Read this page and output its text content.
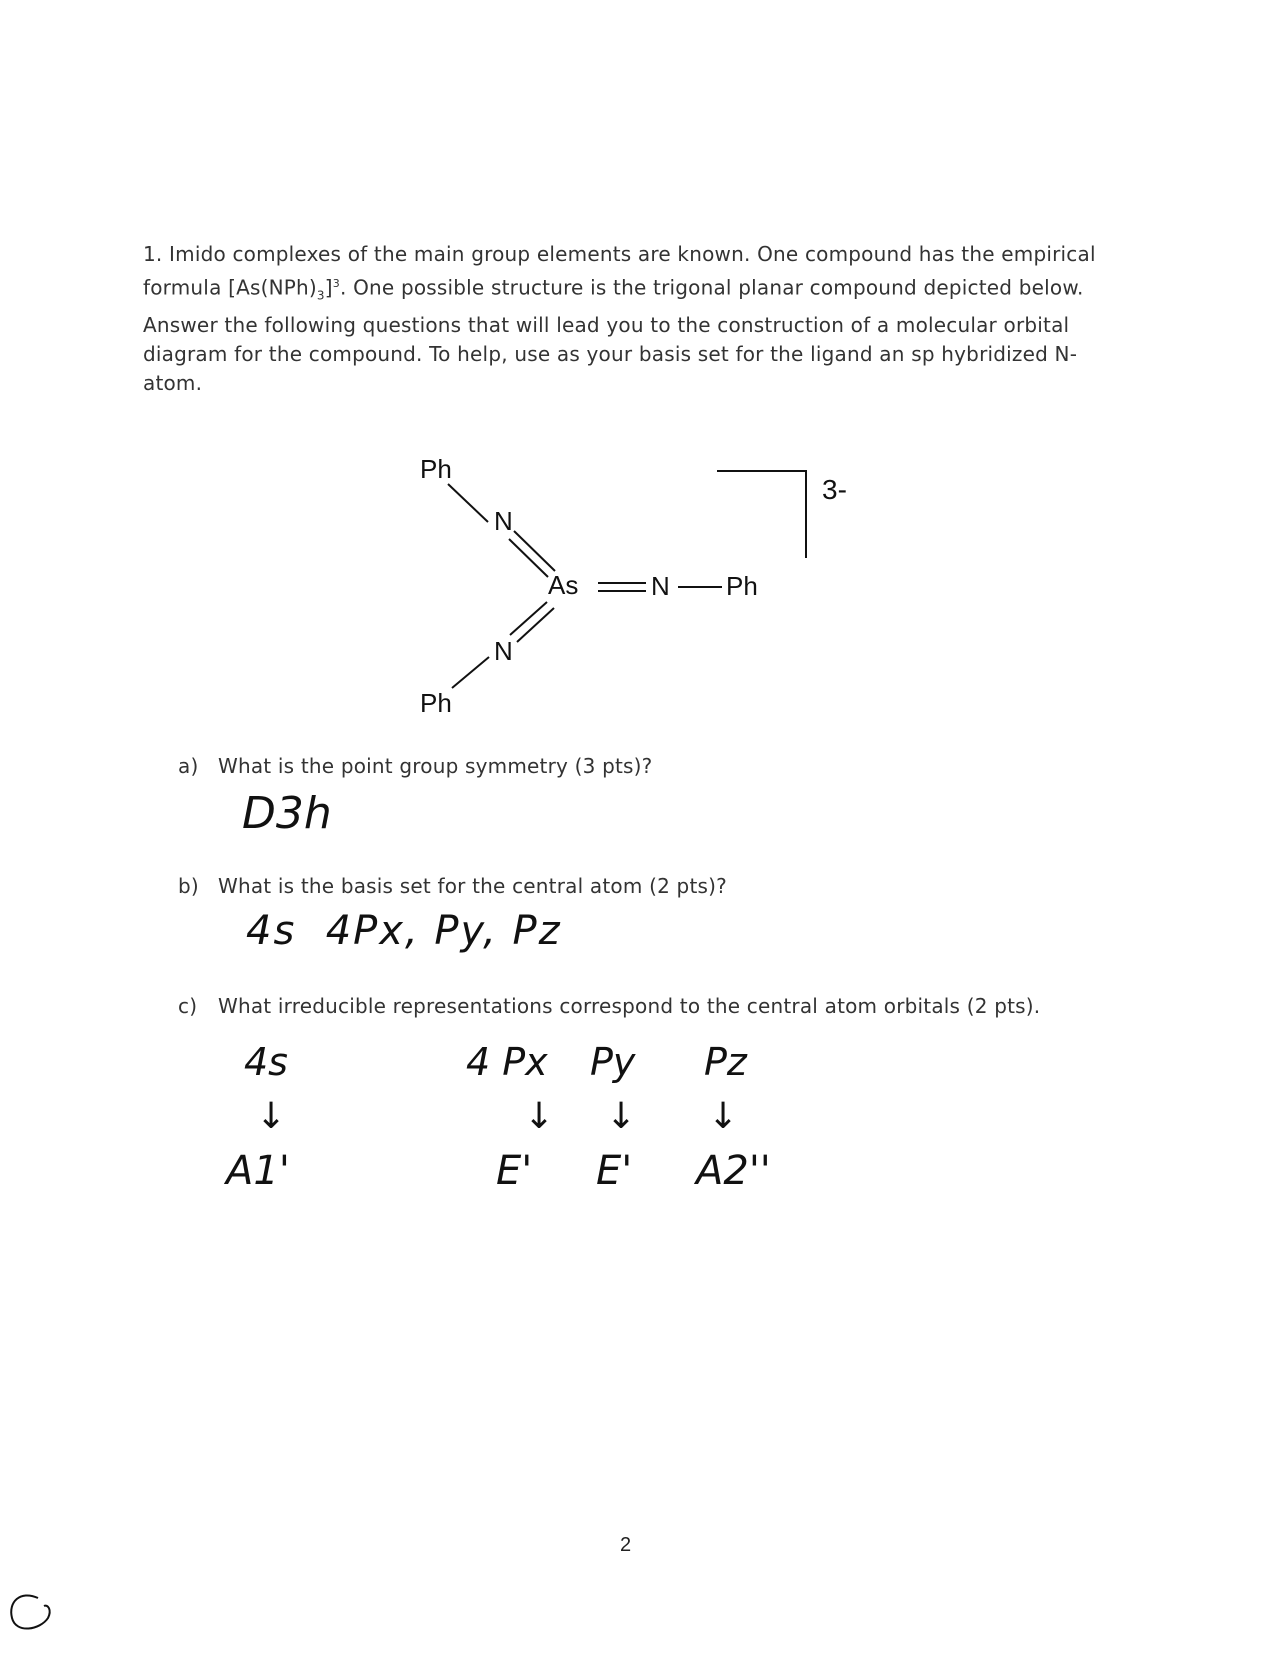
1. Imido complexes of the main group elements are known. One compound has the empirical formula $[As(NPh)_3]^3$. One possible structure is the trigonal planar compound depicted below. Answer the following questions that will lead you to the construction of a molecular orbital diagram for the compound. To help, use as your basis set for the ligand an sp hybridized N-atom.
Ph
N
As	N Ph
N
Ph
3-
a) What is the point group symmetry (3 pts)?
D3h
b) What is the basis set for the central atom (2 pts)?
4s  4Px, Py, Pz
c) What irreducible representations correspond to the central atom orbitals (2 pts).
4s	4 Px Py Pz
↓	↓ ↓ ↓
A1'	E' E' A2''
2
